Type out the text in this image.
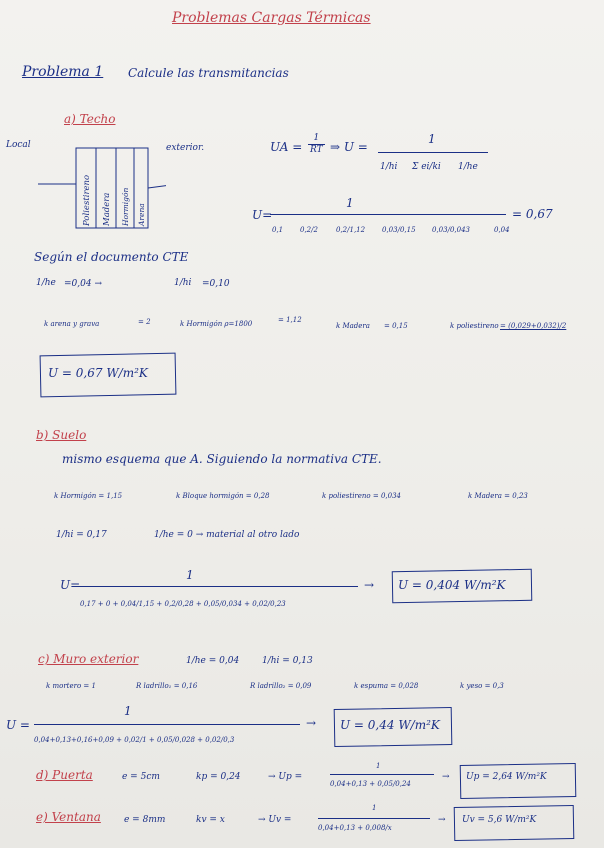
Problemas Cargas Térmicas
Problema 1 Calcule las transmitancias
a) Techo
Local	exterior.
Poliestireno Madera Hormigón Arena
UA =
1
RT ⇒ U =
1
1/hi Σ ei/ki 1/he
U=
1
0,1 0,2/2	0,2/1,12 0,03/0,15 0,03/0,043	0,04
= 0,67
Según el documento CTE
1/he =0,04 →	1/hi =0,10
k arena y grava	= 2	k Hormigón ρ=1800	= 1,12
k Madera = 0,15	k poliestireno = (0,029+0,032)/2
U = 0,67 W/m²K
b) Suelo
mismo esquema que A. Siguiendo la normativa CTE.
k Hormigón = 1,15	k Bloque hormigón = 0,28	k poliestireno = 0,034	k Madera = 0,23
1/hi = 0,17	1/he = 0 → material al otro lado
U=
1
0,17 + 0 + 0,04/1,15 + 0,2/0,28 + 0,05/0,034 + 0,02/0,23
→ U = 0,404 W/m²K
c) Muro exterior	1/he = 0,04	1/hi = 0,13
k mortero = 1	R ladrillo₁ = 0,16	R ladrillo₂ = 0,09	k espuma = 0,028	k yeso = 0,3
U =
1
0,04+0,13+0,16+0,09 + 0,02/1 + 0,05/0,028 + 0,02/0,3
→ U = 0,44 W/m²K
d) Puerta	e = 5cm	kp = 0,24	→ Up =
1
0,04+0,13 + 0,05/0,24
→ Up = 2,64 W/m²K
e) Ventana	e = 8mm	kv = x	→ Uv =
1
0,04+0,13 + 0,008/x
→ Uv = 5,6 W/m²K
